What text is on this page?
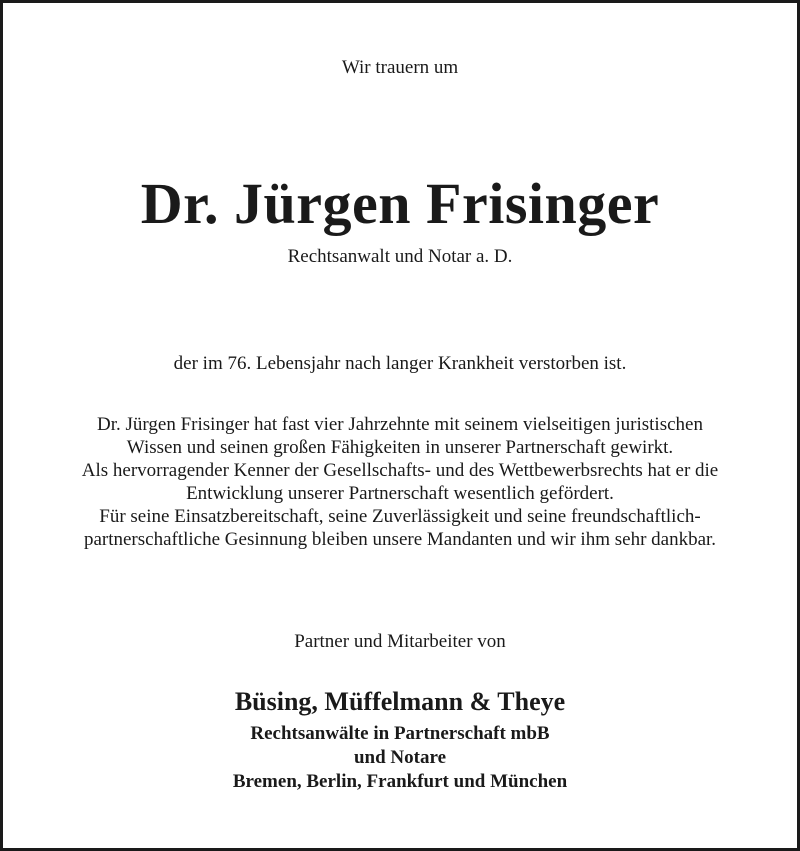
Wir trauern um
Dr. Jürgen Frisinger
Rechtsanwalt und Notar a. D.
der im 76. Lebensjahr nach langer Krankheit verstorben ist.
Dr. Jürgen Frisinger hat fast vier Jahrzehnte mit seinem vielseitigen juristischen
Wissen und seinen großen Fähigkeiten in unserer Partnerschaft gewirkt.
Als hervorragender Kenner der Gesellschafts- und des Wettbewerbsrechts hat er die
Entwicklung unserer Partnerschaft wesentlich gefördert.
Für seine Einsatzbereitschaft, seine Zuverlässigkeit und seine freundschaftlich-
partnerschaftliche Gesinnung bleiben unsere Mandanten und wir ihm sehr dankbar.
Partner und Mitarbeiter von
Büsing, Müffelmann & Theye
Rechtsanwälte in Partnerschaft mbB
und Notare
Bremen, Berlin, Frankfurt und München
